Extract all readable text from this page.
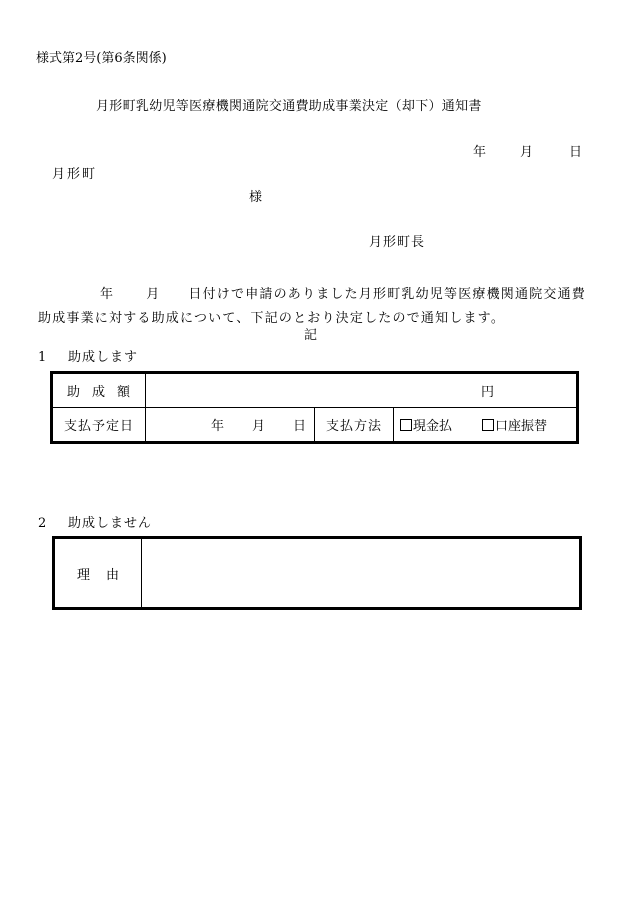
様式第2号(第6条関係)
月形町乳幼児等医療機関通院交通費助成事業決定（却下）通知書
年	月	日
月形町
様
月形町長
年 月 日付けで申請のありました月形町乳幼児等医療機関通院交通費助成事業に対する助成について、下記のとおり決定したので通知します。
記
1 助成します
助 成 額	円		
支払予定日	年 月 日	支払方法	現金払 口座振替
2 助成しません
理 由	
